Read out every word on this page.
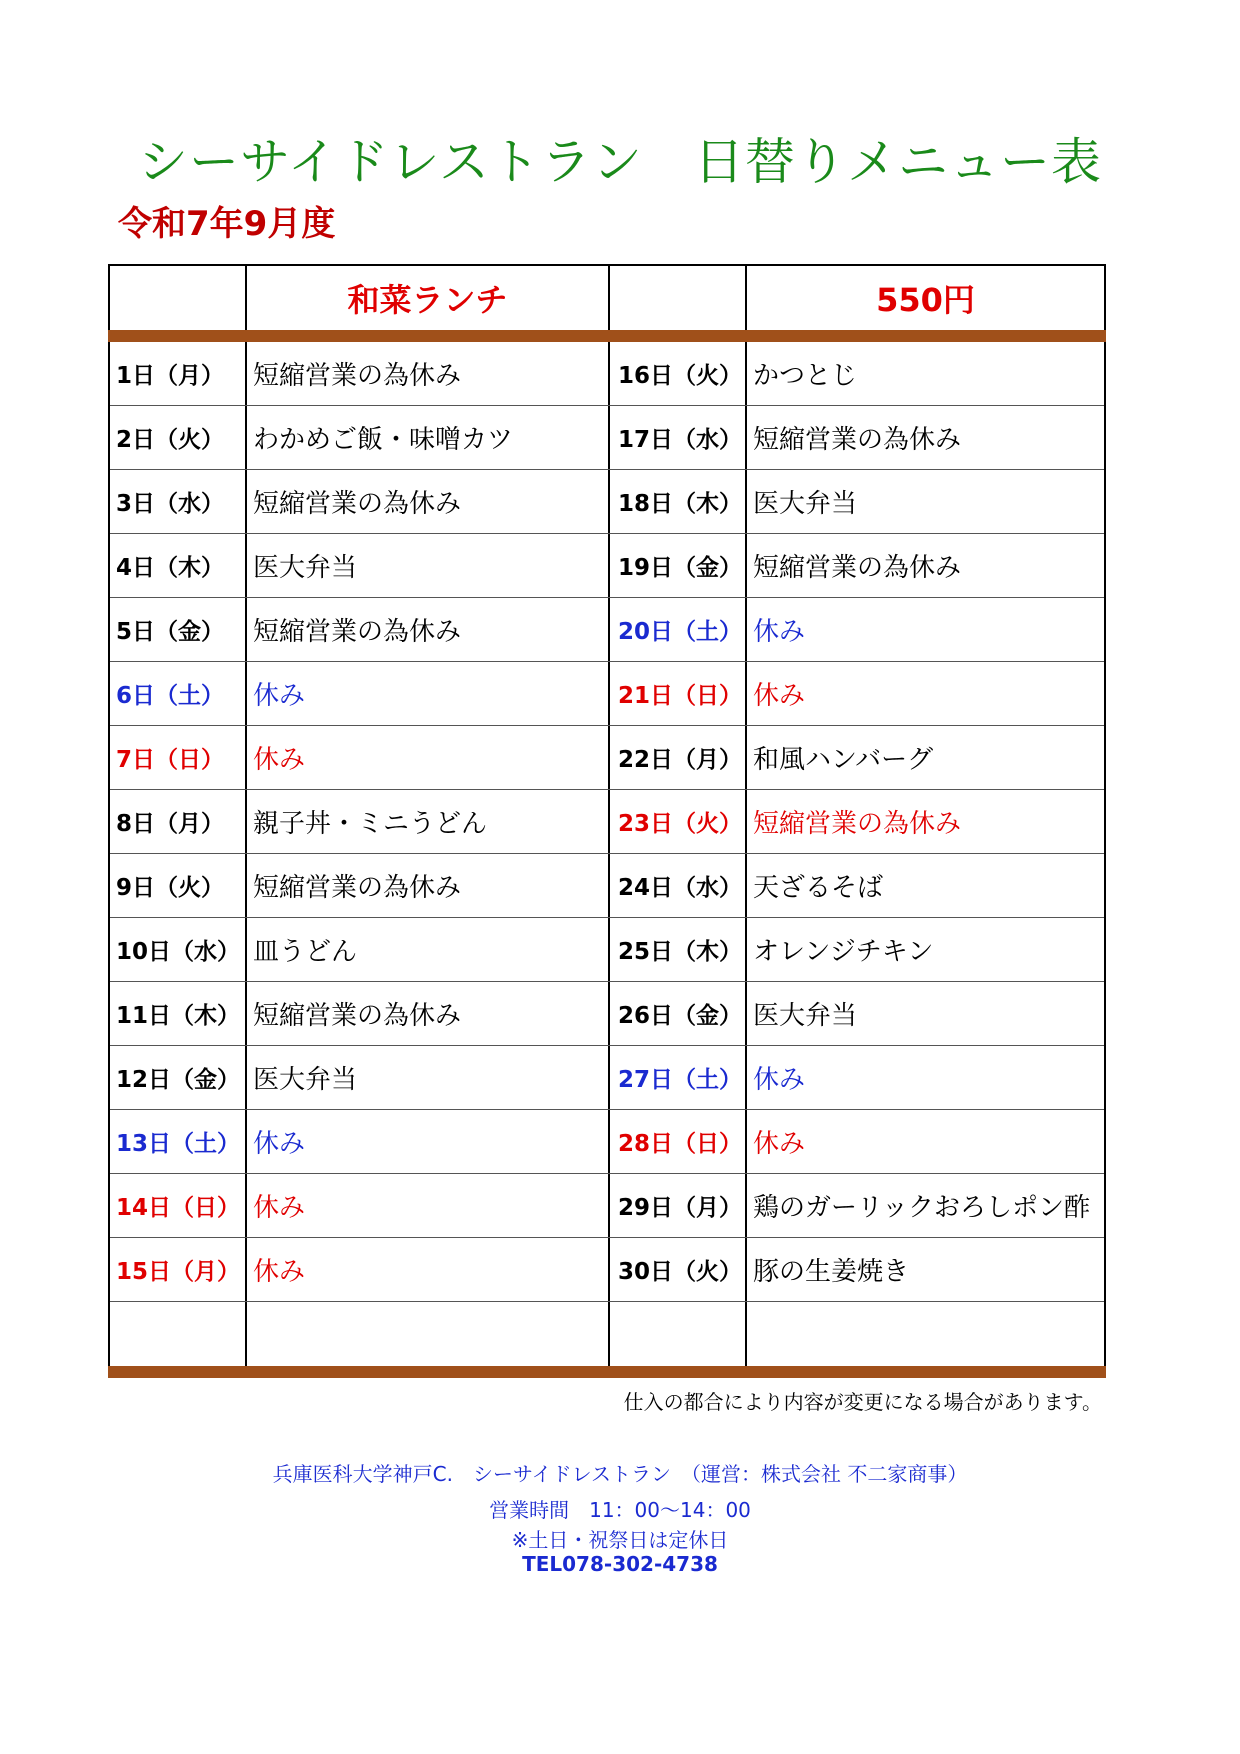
シーサイドレストラン　日替りメニュー表
令和7年9月度
和菜ランチ	550円
1日（月）	短縮営業の為休み	16日（火） かつとじ
2日（火）	わかめご飯・味噌カツ	17日（水） 短縮営業の為休み
3日（水）	短縮営業の為休み	18日（木） 医大弁当
4日（木）	医大弁当	19日（金） 短縮営業の為休み
5日（金）	短縮営業の為休み	20日（土） 休み
6日（土）	休み	21日（日） 休み
7日（日）	休み	22日（月） 和風ハンバーグ
8日（月）	親子丼・ミニうどん	23日（火） 短縮営業の為休み
9日（火）	短縮営業の為休み	24日（水） 天ざるそば
10日（水） 皿うどん	25日（木） オレンジチキン
11日（木） 短縮営業の為休み	26日（金） 医大弁当
12日（金） 医大弁当	27日（土） 休み
13日（土） 休み	28日（日） 休み
14日（日） 休み	29日（月） 鶏のガーリックおろしポン酢
15日（月） 休み	30日（火） 豚の生姜焼き
仕入の都合により内容が変更になる場合があります。
兵庫医科大学神戸C.　シーサイドレストラン　（運営：株式会社 不二家商事）
営業時間　11：00〜14：00
※土日・祝祭日は定休日
TEL078-302-4738
